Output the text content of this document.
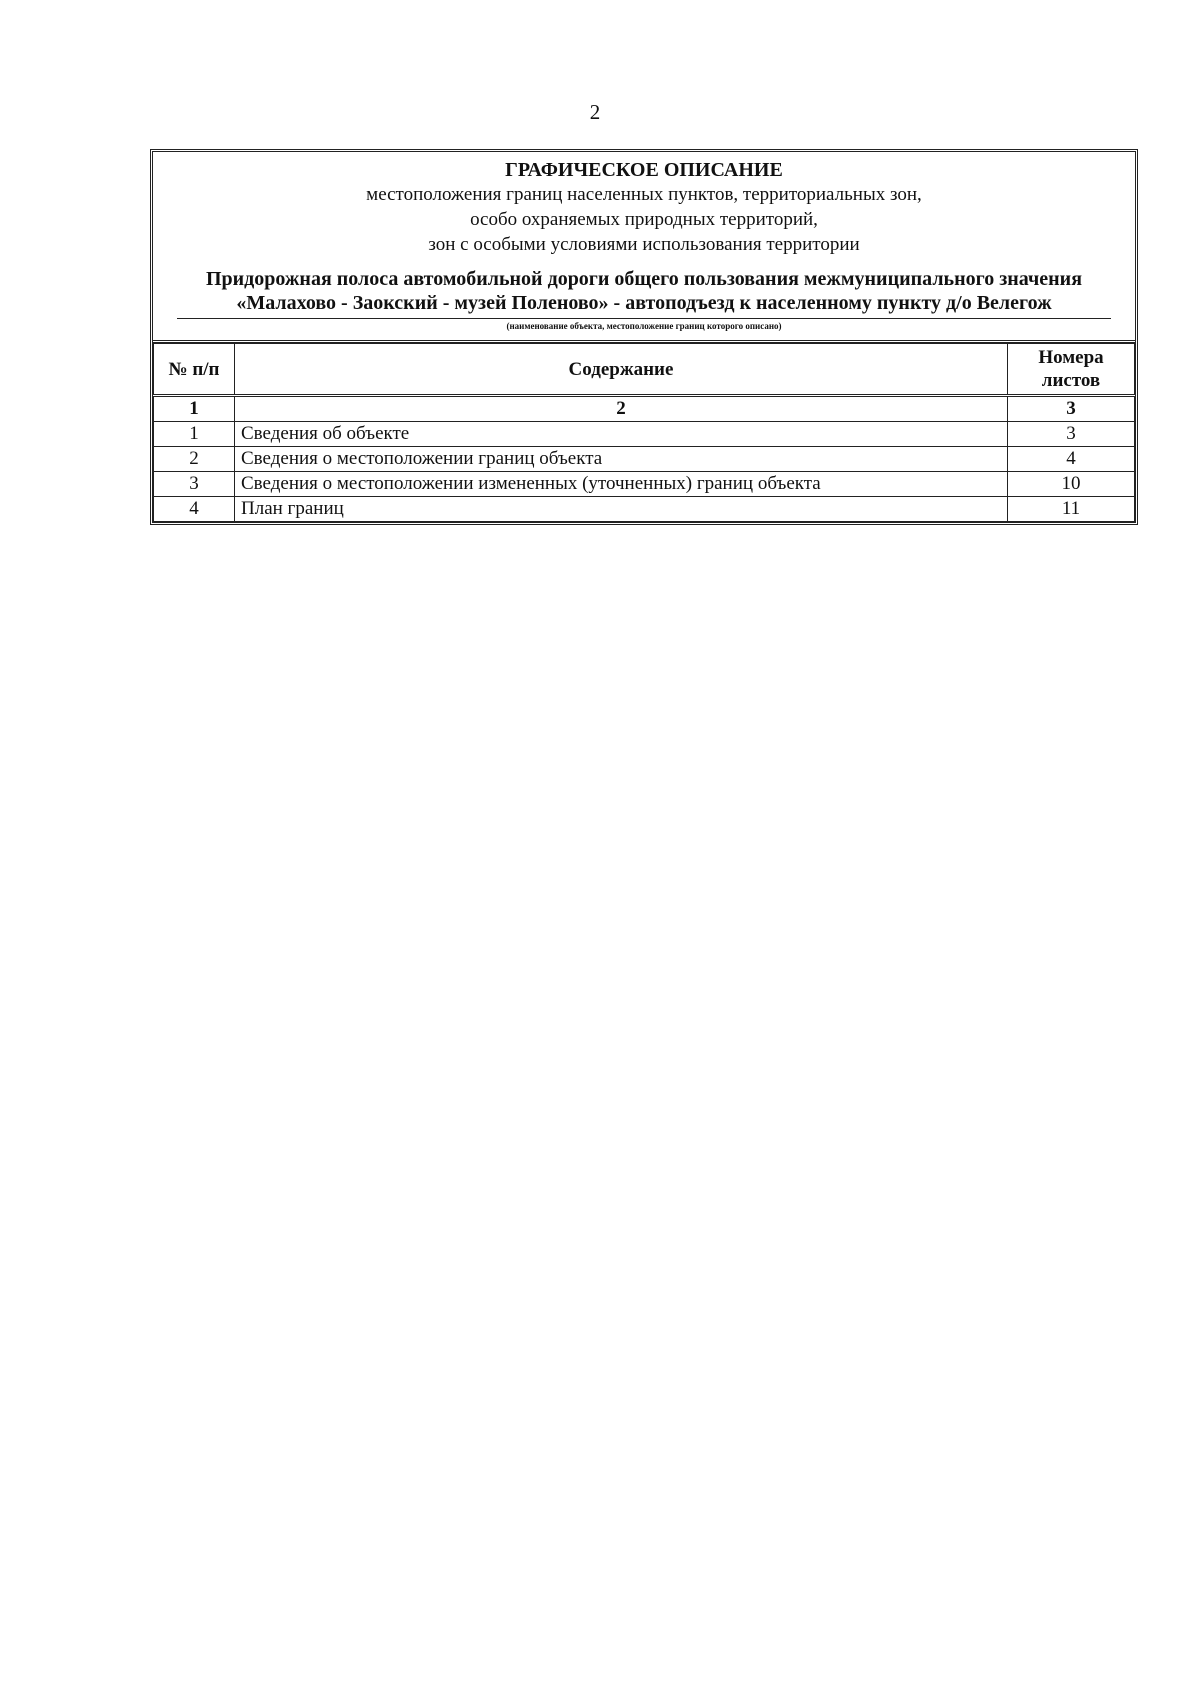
2
ГРАФИЧЕСКОЕ ОПИСАНИЕ
местоположения границ населенных пунктов, территориальных зон,
особо охраняемых природных территорий,
зон с особыми условиями использования территории
Придорожная полоса автомобильной дороги общего пользования межмуниципального значения «Малахово - Заокский - музей Поленово» - автоподъезд к населенному пункту д/о Велегож
(наименование объекта, местоположение границ которого описано)
№ п/п	Содержание	Номера листов
1	2	3
1	Сведения об объекте	3
2	Сведения о местоположении границ объекта	4
3	Сведения о местоположении измененных (уточненных) границ объекта	10
4	План границ	11
